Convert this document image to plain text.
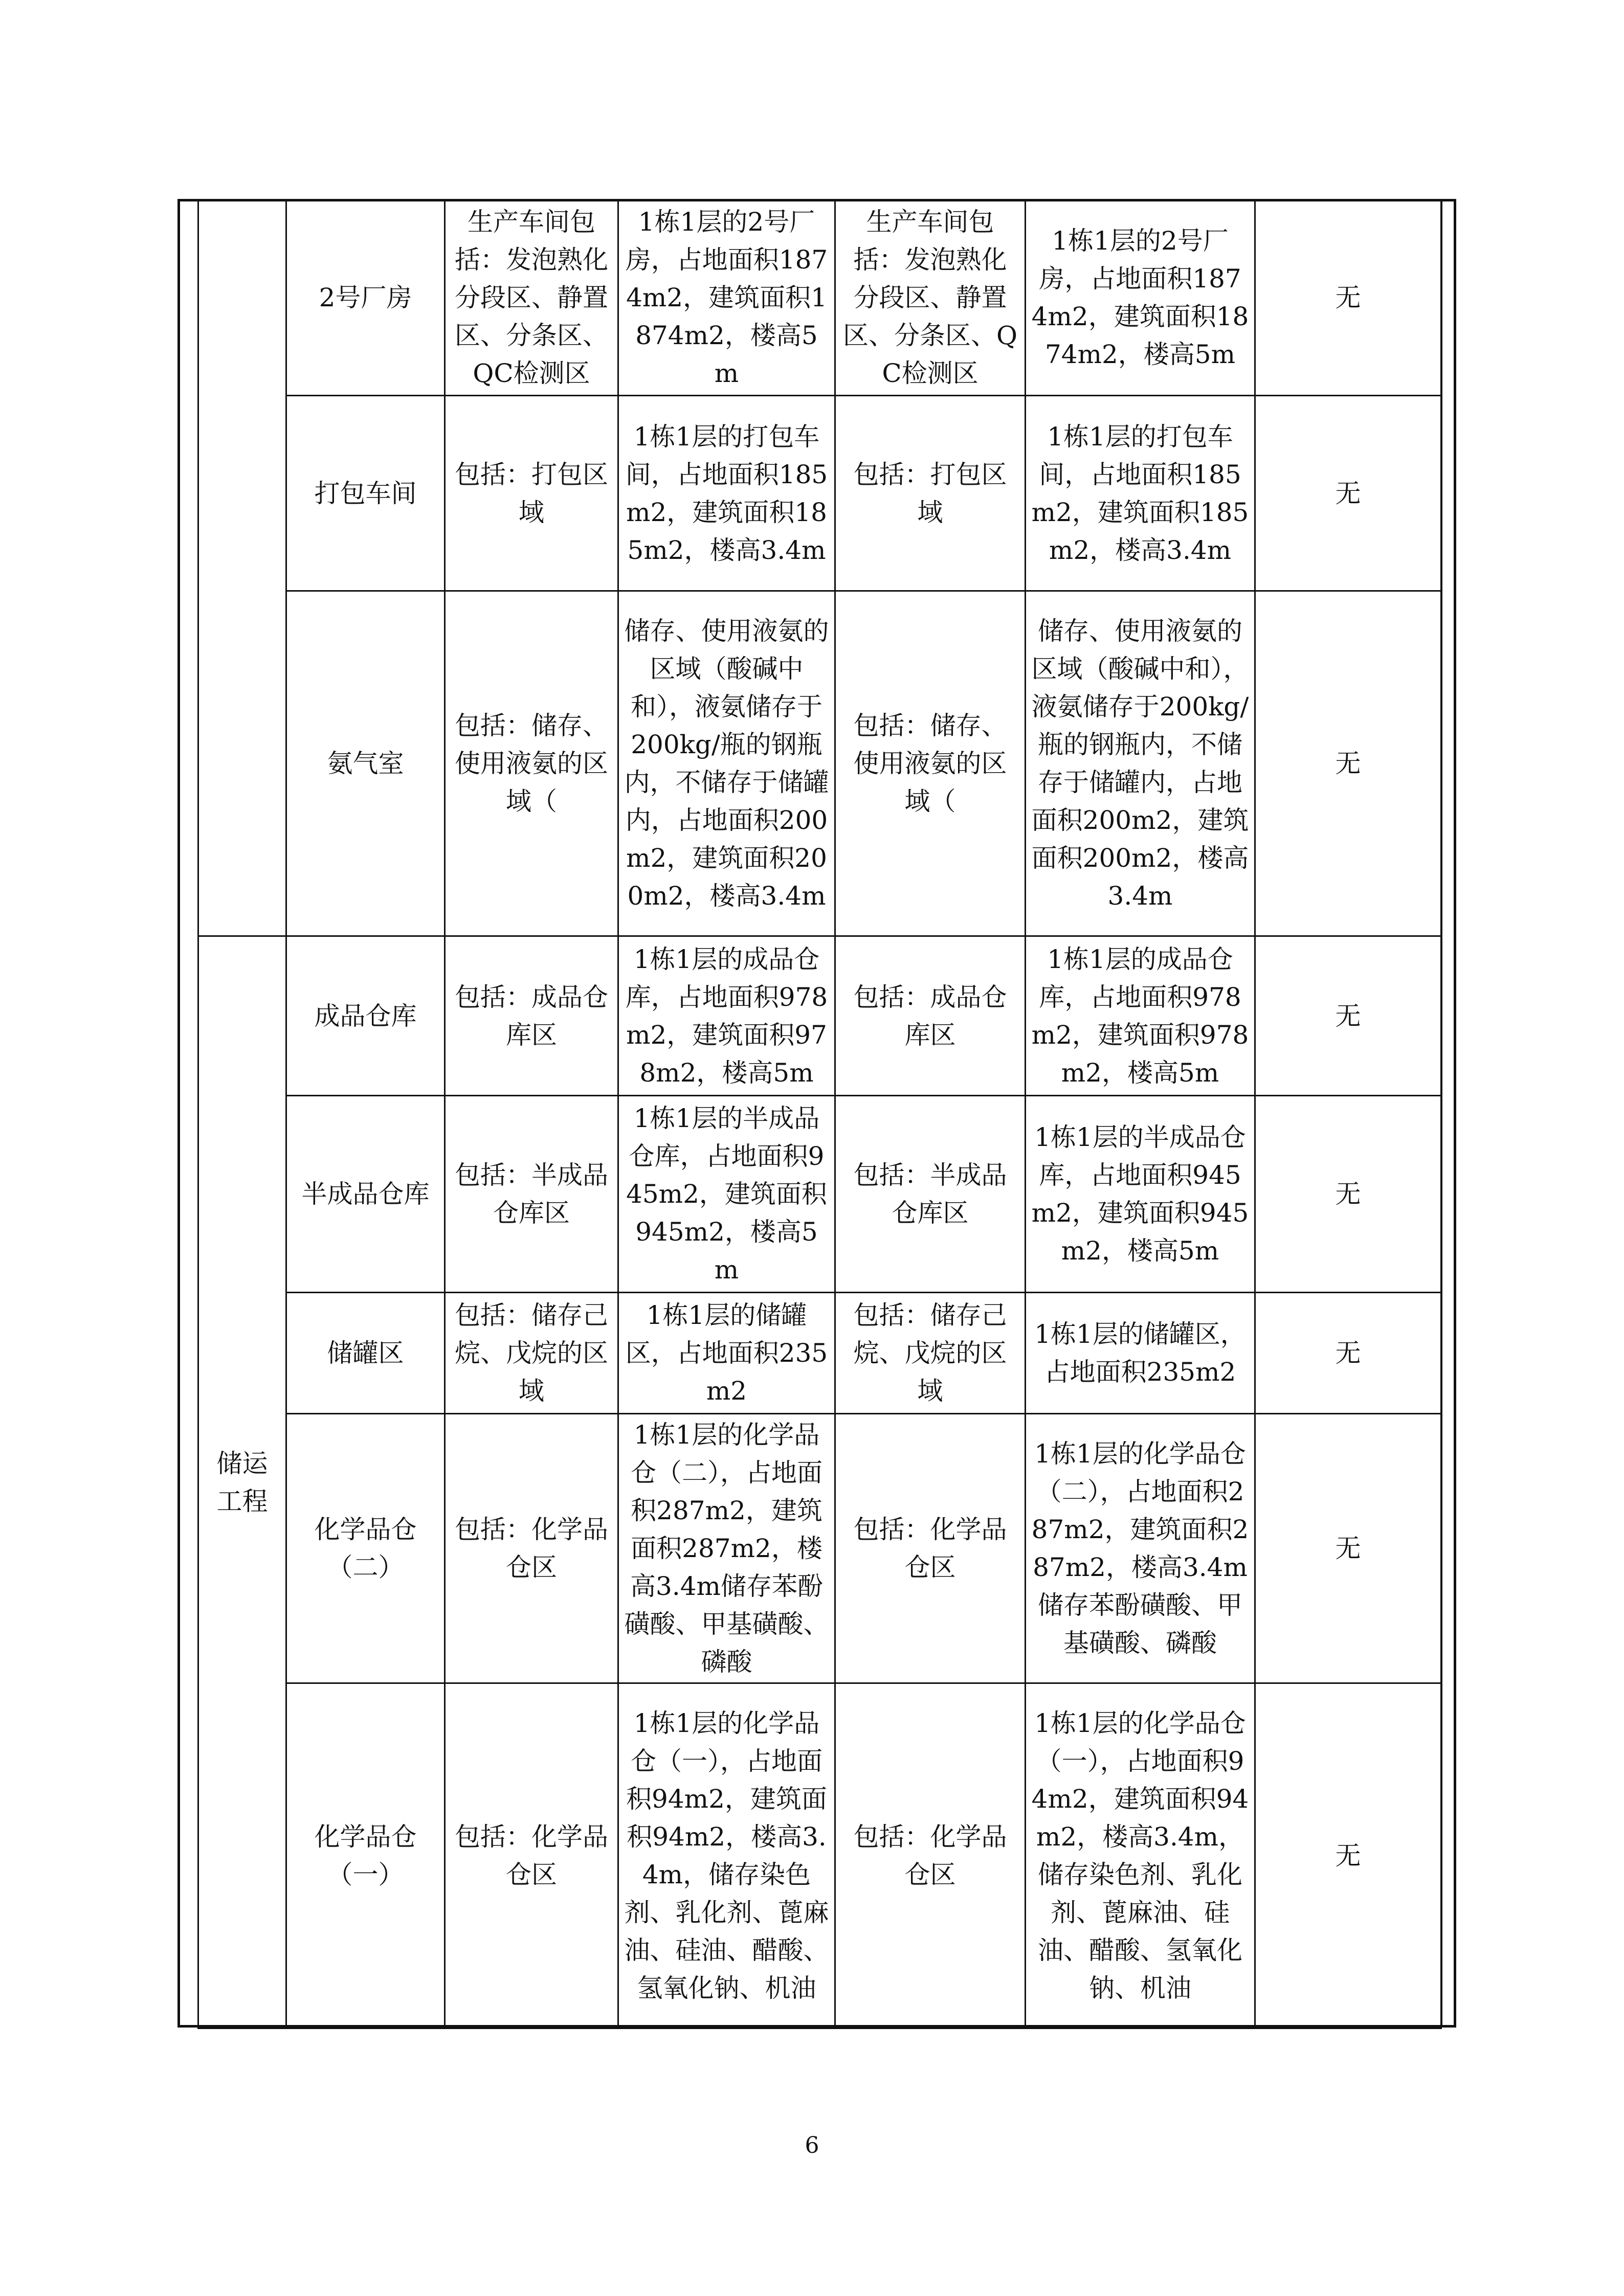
	2号厂房	生产车间包括：发泡熟化分段区、静置区、分条区、QC检测区	1栋1层的2号厂房，占地面积1874m2，建筑面积1874m2，楼高5m	生产车间包括：发泡熟化分段区、静置区、分条区、QC检测区	1栋1层的2号厂房，占地面积1874m2，建筑面积1874m2，楼高5m	无
	打包车间	包括：打包区域	1栋1层的打包车间，占地面积185 m2，建筑面积185m2，楼高3.4m	包括：打包区域	1栋1层的打包车间，占地面积185 m2，建筑面积185m2，楼高3.4m	无
	氨气室	包括：储存、使用液氨的区域（	储存、使用液氨的区域（酸碱中和），液氨储存于200kg/瓶的钢瓶内，不储存于储罐内，占地面积200m2，建筑面积200m2，楼高3.4m	包括：储存、使用液氨的区域（	储存、使用液氨的区域（酸碱中和），液氨储存于200kg/瓶的钢瓶内，不储存于储罐内，占地面积200m2，建筑面积200m2，楼高3.4m	无
储运工程	成品仓库	包括：成品仓库区	1栋1层的成品仓库，占地面积978m2，建筑面积978m2，楼高5m	包括：成品仓库区	1栋1层的成品仓库，占地面积978m2，建筑面积978m2，楼高5m	无
	半成品仓库	包括：半成品仓库区	1栋1层的半成品仓库，占地面积945m2，建筑面积945m2，楼高5m	包括：半成品仓库区	1栋1层的半成品仓库，占地面积945m2，建筑面积945m2，楼高5m	无
	储罐区	包括：储存己烷、戊烷的区域	1栋1层的储罐区，占地面积235m2	包括：储存己烷、戊烷的区域	1栋1层的储罐区，占地面积235m2	无
	化学品仓（二）	包括：化学品仓区	1栋1层的化学品仓（二），占地面积287m2，建筑面积287m2，楼高3.4m储存苯酚磺酸、甲基磺酸、磷酸	包括：化学品仓区	1栋1层的化学品仓（二），占地面积287m2，建筑面积287m2，楼高3.4m储存苯酚磺酸、甲基磺酸、磷酸	无
	化学品仓（一）	包括：化学品仓区	1栋1层的化学品仓（一），占地面积94m2，建筑面积94m2，楼高3.4m，储存染色剂、乳化剂、蓖麻油、硅油、醋酸、氢氧化钠、机油	包括：化学品仓区	1栋1层的化学品仓（一），占地面积94m2，建筑面积94m2，楼高3.4m，储存染色剂、乳化剂、蓖麻油、硅油、醋酸、氢氧化钠、机油	无
6
